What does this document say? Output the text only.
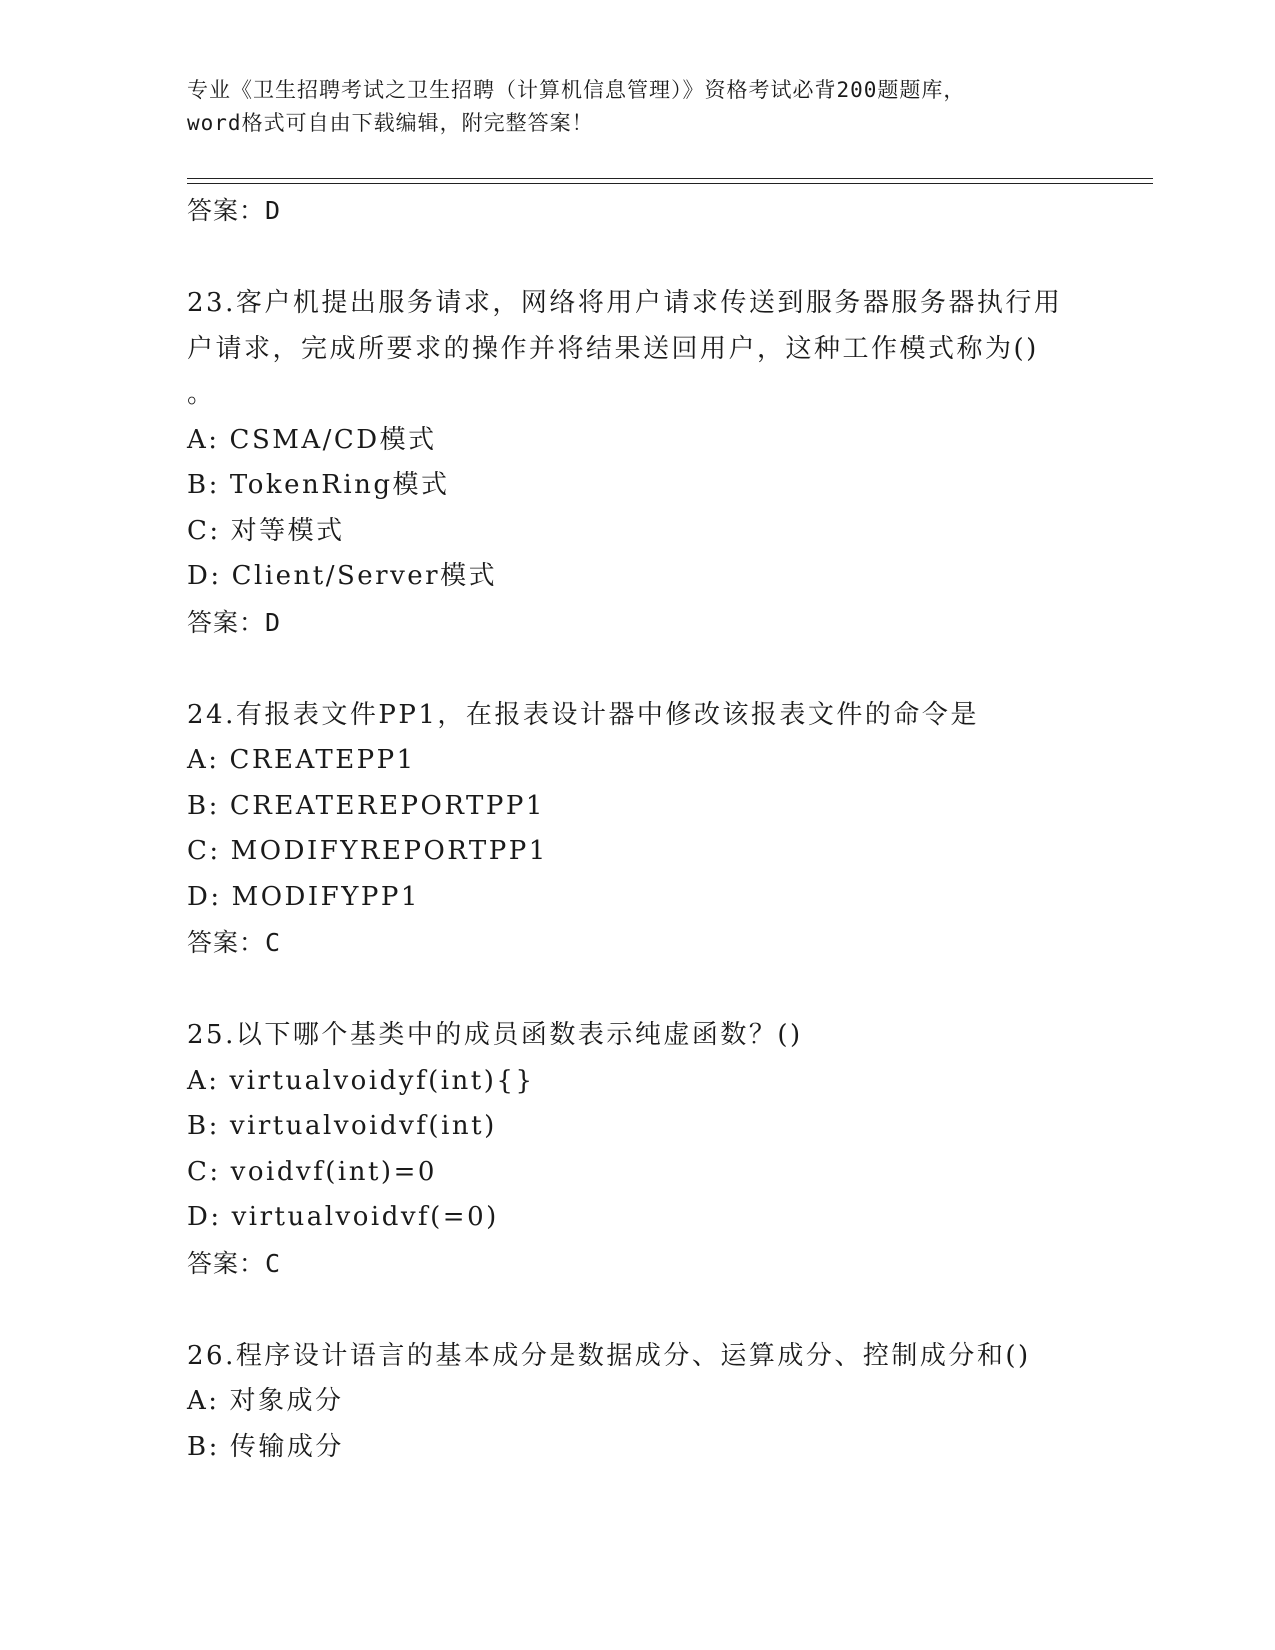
专业《卫生招聘考试之卫生招聘（计算机信息管理）》资格考试必背200题题库，
word格式可自由下载编辑，附完整答案！
答案：D
23.客户机提出服务请求，网络将用户请求传送到服务器服务器执行用
户请求，完成所要求的操作并将结果送回用户，这种工作模式称为()
。
A: CSMA/CD模式
B: TokenRing模式
C: 对等模式
D: Client/Server模式
答案：D
24.有报表文件PP1，在报表设计器中修改该报表文件的命令是
A: CREATEPP1
B: CREATEREPORTPP1
C: MODIFYREPORTPP1
D: MODIFYPP1
答案：C
25.以下哪个基类中的成员函数表示纯虚函数？()
A: virtualvoidyf(int){}
B: virtualvoidvf(int)
C: voidvf(int)=0
D: virtualvoidvf(=0)
答案：C
26.程序设计语言的基本成分是数据成分、运算成分、控制成分和()
A: 对象成分
B: 传输成分
